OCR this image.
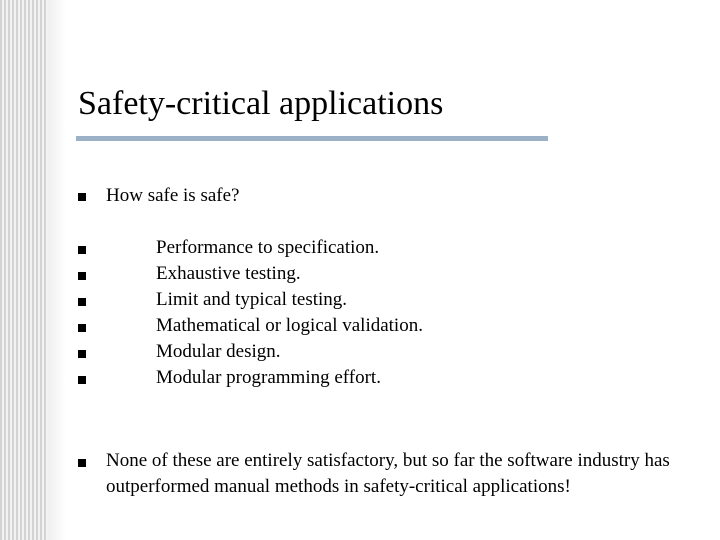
Safety-critical applications
How safe is safe?
Performance to specification.
Exhaustive testing.
Limit and typical testing.
Mathematical or logical validation.
Modular design.
Modular programming effort.
None of these are entirely satisfactory, but so far the software industry has outperformed manual methods in safety-critical applications!
